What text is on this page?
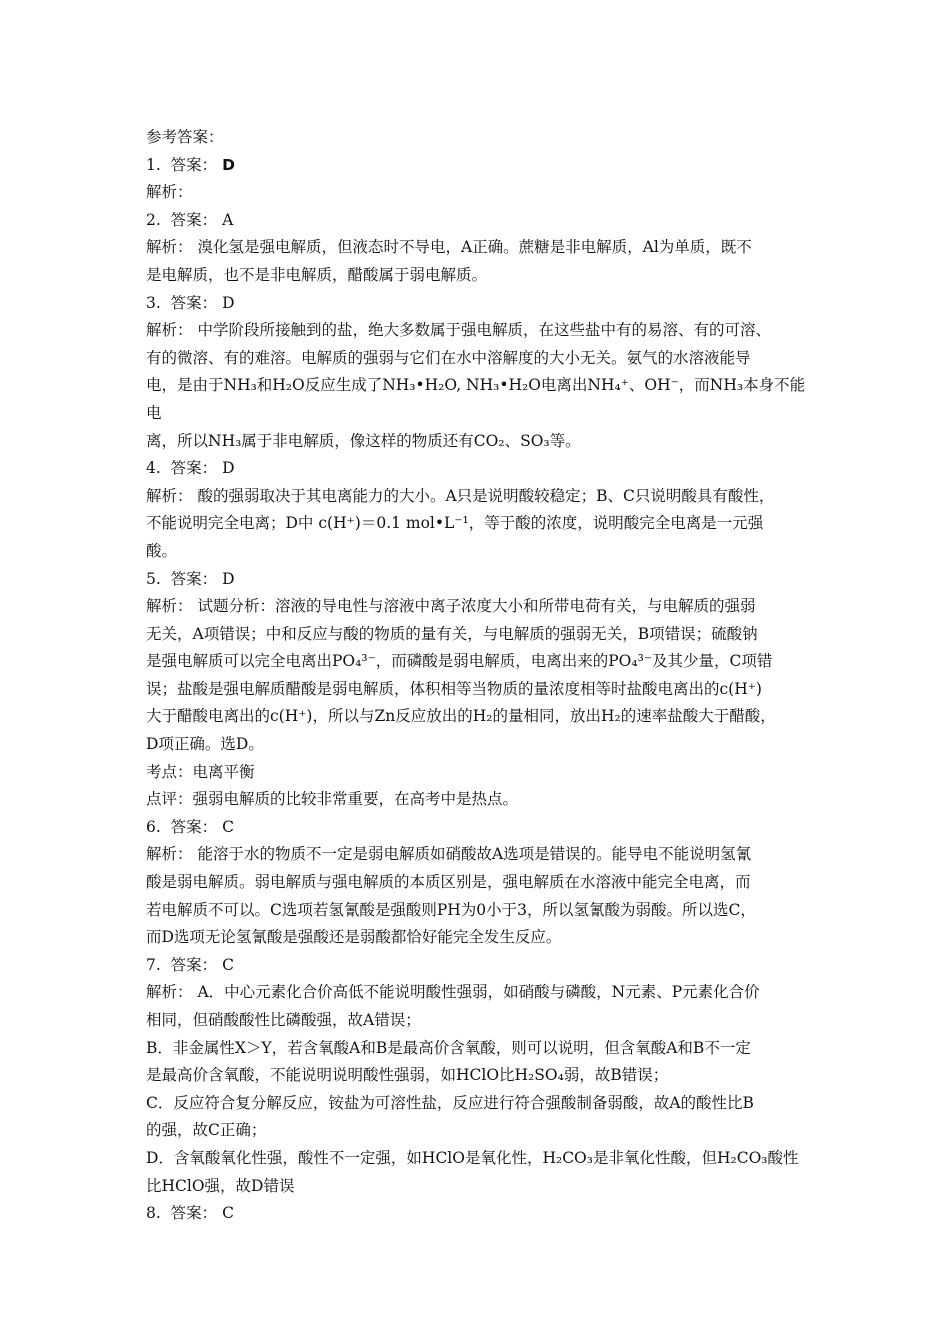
参考答案：

1. 答案： D

解析：

2. 答案： A

解析： 溴化氢是强电解质，但液态时不导电，A正确。蔗糖是非电解质，Al为单质，既不

是电解质，也不是非电解质，醋酸属于弱电解质。

3. 答案： D

解析： 中学阶段所接触到的盐，绝大多数属于强电解质，在这些盐中有的易溶、有的可溶、

有的微溶、有的难溶。电解质的强弱与它们在水中溶解度的大小无关。氨气的水溶液能导

电，是由于NH₃和H₂O反应生成了NH₃•H₂O, NH₃•H₂O电离出NH₄⁺、OH⁻，而NH₃本身不能电

离，所以NH₃属于非电解质，像这样的物质还有CO₂、SO₃等。

4. 答案： D

解析： 酸的强弱取决于其电离能力的大小。A只是说明酸较稳定；B、C只说明酸具有酸性，

不能说明完全电离；D中 c(H⁺)＝0.1 mol•L⁻¹，等于酸的浓度，说明酸完全电离是一元强

酸。

5. 答案： D

解析： 试题分析：溶液的导电性与溶液中离子浓度大小和所带电荷有关，与电解质的强弱

无关，A项错误；中和反应与酸的物质的量有关，与电解质的强弱无关，B项错误；硫酸钠

是强电解质可以完全电离出PO₄³⁻，而磷酸是弱电解质，电离出来的PO₄³⁻及其少量，C项错

误；盐酸是强电解质醋酸是弱电解质，体积相等当物质的量浓度相等时盐酸电离出的c(H⁺)

大于醋酸电离出的c(H⁺)，所以与Zn反应放出的H₂的量相同，放出H₂的速率盐酸大于醋酸，

D项正确。选D。

考点：电离平衡

点评：强弱电解质的比较非常重要，在高考中是热点。

6. 答案： C

解析： 能溶于水的物质不一定是弱电解质如硝酸故A选项是错误的。能导电不能说明氢氰

酸是弱电解质。弱电解质与强电解质的本质区别是，强电解质在水溶液中能完全电离，而

若电解质不可以。C选项若氢氰酸是强酸则PH为0小于3，所以氢氰酸为弱酸。所以选C，

而D选项无论氢氰酸是强酸还是弱酸都恰好能完全发生反应。

7. 答案： C

解析： A．中心元素化合价高低不能说明酸性强弱，如硝酸与磷酸，N元素、P元素化合价

相同，但硝酸酸性比磷酸强，故A错误；

B．非金属性X＞Y，若含氧酸A和B是最高价含氧酸，则可以说明，但含氧酸A和B不一定

是最高价含氧酸，不能说明说明酸性强弱，如HClO比H₂SO₄弱，故B错误；

C．反应符合复分解反应，铵盐为可溶性盐，反应进行符合强酸制备弱酸，故A的酸性比B

的强，故C正确；

D．含氧酸氧化性强，酸性不一定强，如HClO是氧化性，H₂CO₃是非氧化性酸，但H₂CO₃酸性

比HClO强，故D错误

8. 答案： C
